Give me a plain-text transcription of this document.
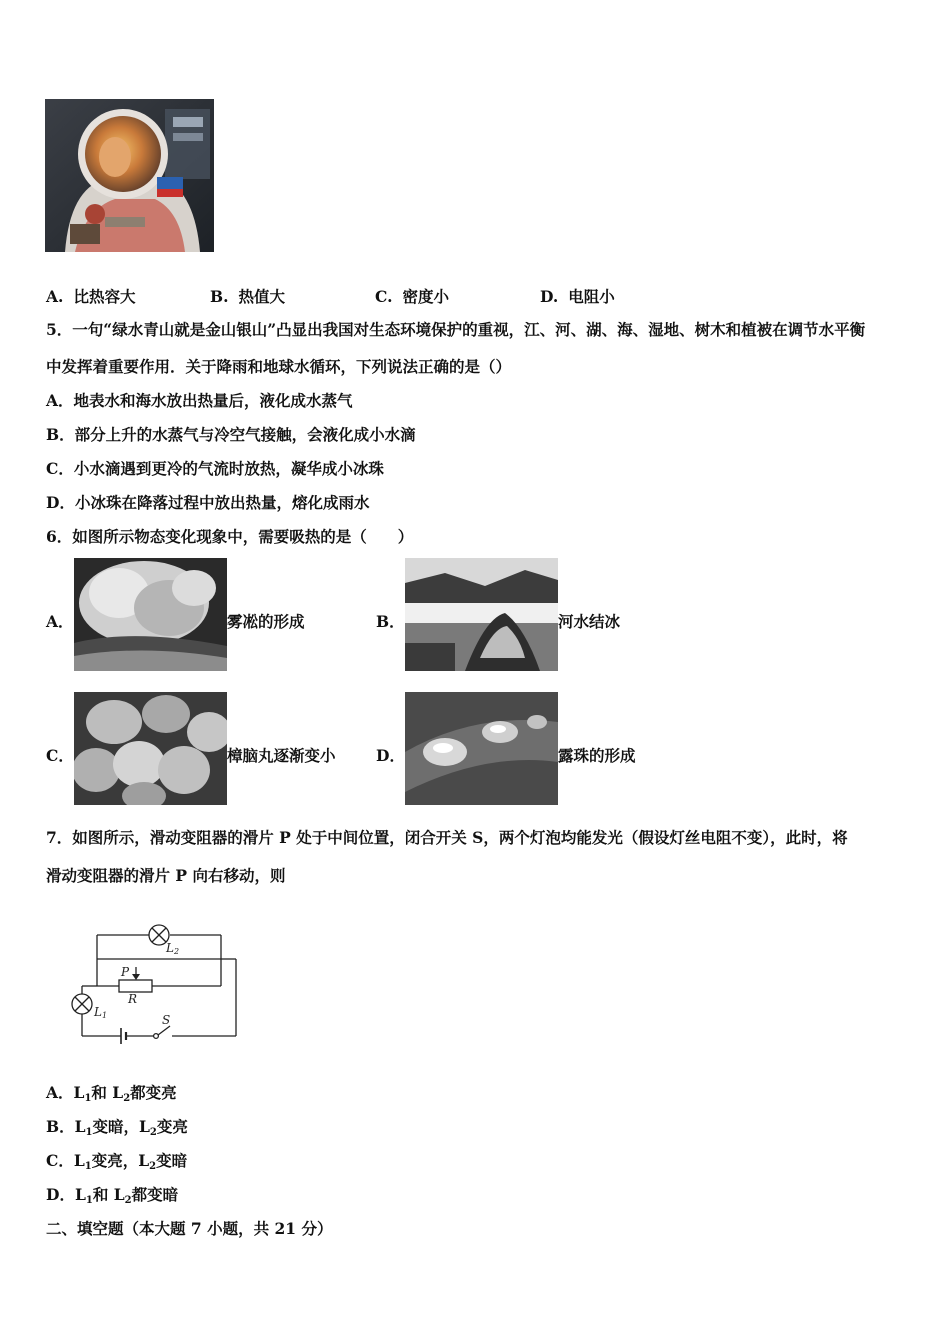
A. 比热容大	B. 热值大	C. 密度小	D. 电阻小
5．一句“绿水青山就是金山银山”凸显出我国对生态环境保护的重视，江、河、湖、海、湿地、树木和植被在调节水平衡
中发挥着重要作用．关于降雨和地球水循环，下列说法正确的是（）
A．地表水和海水放出热量后，液化成水蒸气
B．部分上升的水蒸气与冷空气接触，会液化成小水滴
C．小水滴遇到更冷的气流时放热，凝华成小冰珠
D．小冰珠在降落过程中放出热量，熔化成雨水
6．如图所示物态变化现象中，需要吸热的是（　　）
A．	雾凇的形成	B．	河水结冰
C．	樟脑丸逐渐变小	D．	露珠的形成
7．如图所示，滑动变阻器的滑片 P 处于中间位置，闭合开关 S，两个灯泡均能发光（假设灯丝电阻不变），此时，将
滑动变阻器的滑片 P 向右移动，则
L2
L1
P
R
S
A．$L_1$和 $L_2$都变亮
B．$L_1$变暗，$L_2$变亮
C．$L_1$变亮，$L_2$变暗
D．$L_1$和 $L_2$都变暗
二、填空题（本大题 7 小题，共 21 分）
